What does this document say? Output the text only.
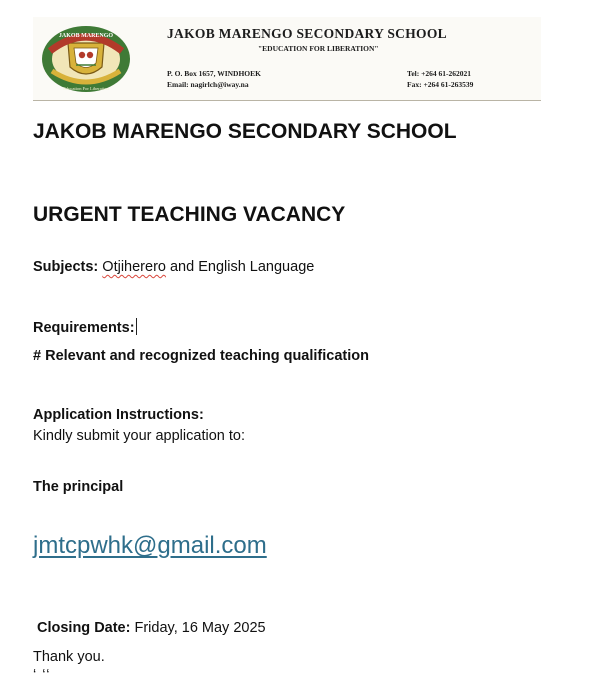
JAKOB MARENGO
Education For Liberation
JAKOB MARENGO SECONDARY SCHOOL
"EDUCATION FOR LIBERATION"
P. O. Box 1657, WINDHOEK
Email: nagirlch@iway.na
Tel: +264 61-262021
Fax: +264 61-263539
JAKOB MARENGO SECONDARY SCHOOL
URGENT TEACHING VACANCY
Subjects: Otjiherero and English Language
Requirements:
# Relevant and recognized teaching qualification
Application Instructions:
Kindly submit your application to:
The principal
jmtcpwhk@gmail.com
Closing Date: Friday, 16 May 2025
Thank you.
‘ ‘‘
